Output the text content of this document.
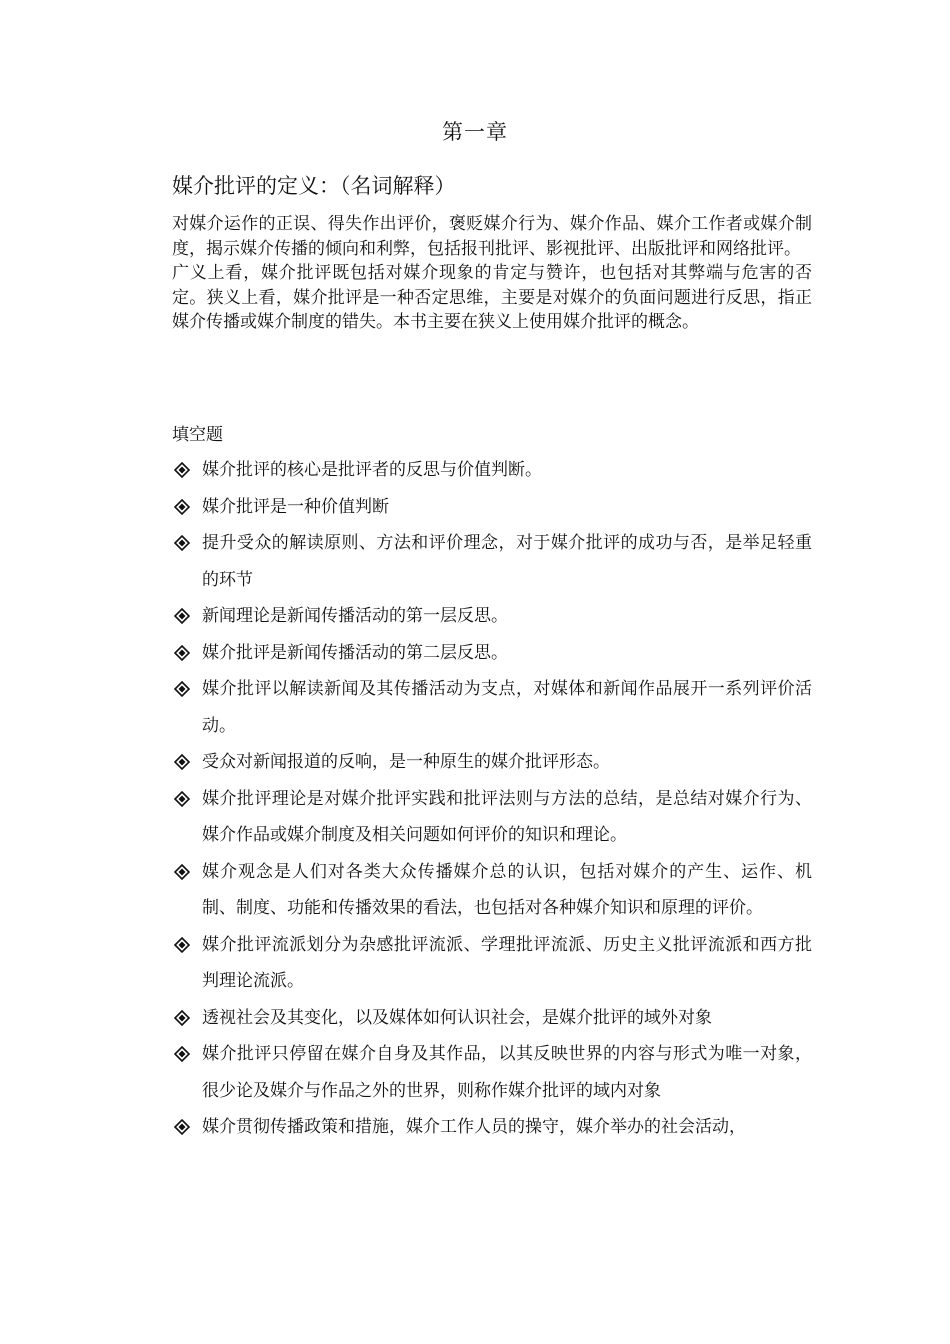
第一章
媒介批评的定义：（名词解释）

对媒介运作的正误、得失作出评价，褒贬媒介行为、媒介作品、媒介工作者或媒介制度，揭示媒介传播的倾向和利弊，包括报刊批评、影视批评、出版批评和网络批评。

广义上看，媒介批评既包括对媒介现象的肯定与赞许，也包括对其弊端与危害的否定。狭义上看，媒介批评是一种否定思维，主要是对媒介的负面问题进行反思，指正媒介传播或媒介制度的错失。本书主要在狭义上使用媒介批评的概念。

填空题
媒介批评的核心是批评者的反思与价值判断。
媒介批评是一种价值判断
提升受众的解读原则、方法和评价理念，对于媒介批评的成功与否，是举足轻重的环节
新闻理论是新闻传播活动的第一层反思。
媒介批评是新闻传播活动的第二层反思。
媒介批评以解读新闻及其传播活动为支点，对媒体和新闻作品展开一系列评价活动。
受众对新闻报道的反响，是一种原生的媒介批评形态。
媒介批评理论是对媒介批评实践和批评法则与方法的总结，是总结对媒介行为、媒介作品或媒介制度及相关问题如何评价的知识和理论。
媒介观念是人们对各类大众传播媒介总的认识，包括对媒介的产生、运作、机制、制度、功能和传播效果的看法，也包括对各种媒介知识和原理的评价。
媒介批评流派划分为杂感批评流派、学理批评流派、历史主义批评流派和西方批判理论流派。
透视社会及其变化，以及媒体如何认识社会，是媒介批评的域外对象
媒介批评只停留在媒介自身及其作品，以其反映世界的内容与形式为唯一对象，很少论及媒介与作品之外的世界，则称作媒介批评的域内对象
媒介贯彻传播政策和措施，媒介工作人员的操守，媒介举办的社会活动，
